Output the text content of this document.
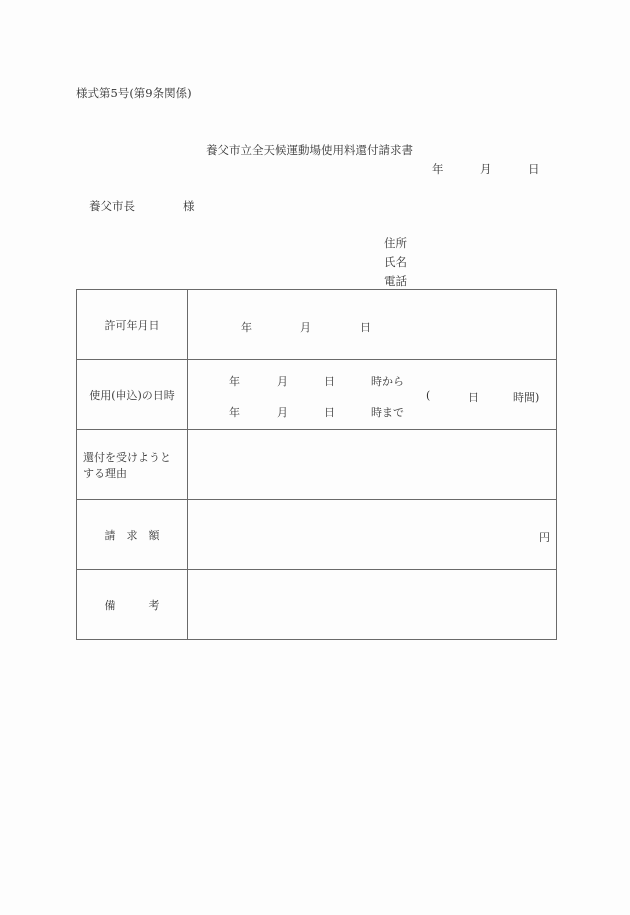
様式第5号(第9条関係)
養父市立全天候運動場使用料還付請求書
年	月	日
養父市長	様
住所
氏名
電話
許可年月日	年 月 日

使用(申込)の日時	
年	月	日	時から
年	月	日	時まで
(	日	時間)

還付を受けようと
する理由	

請　求　額	円

備　　　考	
